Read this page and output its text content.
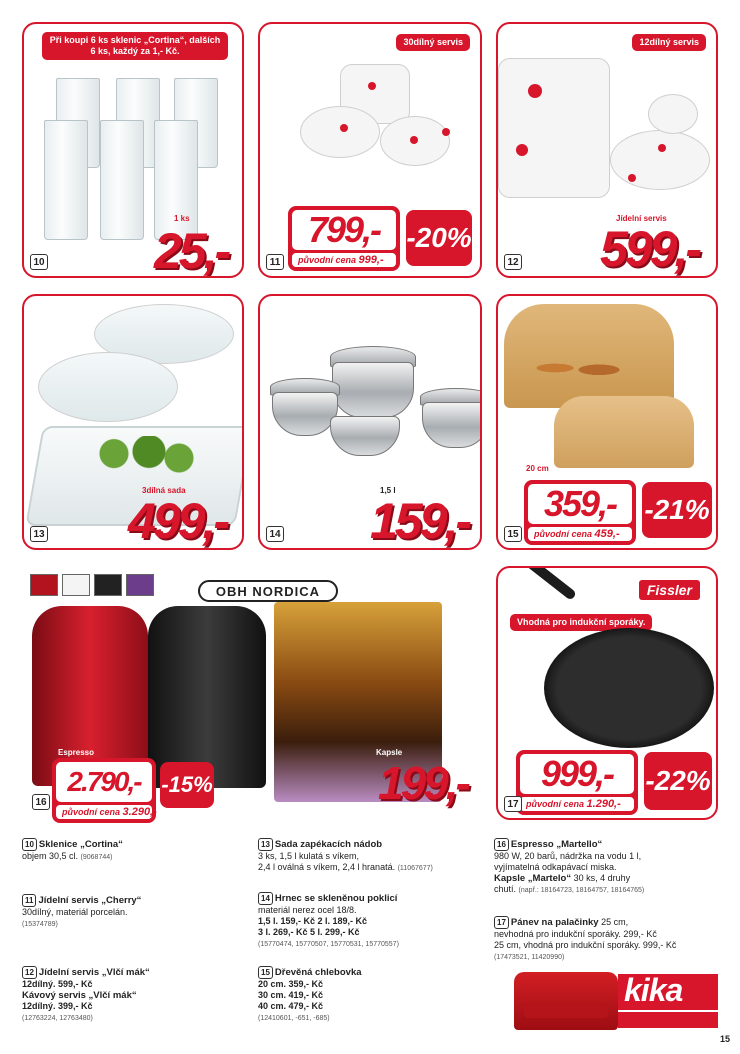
Při koupi 6 ks sklenic „Cortina“, dalších 6 ks, každý za 1,- Kč.
1 ks
25,-
10
30dílný servis
799,-
původní cena 999,-
-20%
11
12dílný servis
Jídelní servis
599,-
12
3dílná sada
499,-
13
1,5 l
159,-
14
20 cm
359,-
původní cena 459,-
-21%
15
OBH NORDICA
Espresso
2.790,-
původní cena 3.290,-
-15%
Kapsle
199,-
16
Fissler
Vhodná pro indukční sporáky.
999,-
původní cena 1.290,-
-22%
17
10 Sklenice „Cortina“
objem 30,5 cl. (9068744)
11 Jídelní servis „Cherry“
30dílný, materiál porcelán.
(15374789)
12 Jídelní servis „Vlčí mák“
12dílný. 599,- Kč
Kávový servis „Vlčí mák“
12dílný. 399,- Kč
(12763224, 12763480)
13 Sada zapékacích nádob
3 ks, 1,5 l kulatá s víkem,
2,4 l oválná s víkem, 2,4 l hranatá. (11067677)
14 Hrnec se skleněnou poklicí
materiál nerez ocel 18/8.
1,5 l. 159,- Kč 2 l. 189,- Kč
3 l. 269,- Kč 5 l. 299,- Kč
(15770474, 15770507, 15770531, 15770557)
15 Dřevěná chlebovka
20 cm. 359,- Kč
30 cm. 419,- Kč
40 cm. 479,- Kč
(12410601, -651, -685)
16 Espresso „Martello“
980 W, 20 barů, nádržka na vodu 1 l,
vyjímatelná odkapávací miska.
Kapsle „Martelo“ 30 ks, 4 druhy
chutí. (např.: 18164723, 18164757, 18164765)
17 Pánev na palačinky 25 cm,
nevhodná pro indukční sporáky. 299,- Kč
25 cm, vhodná pro indukční sporáky. 999,- Kč
(17473521, 11420990)
kika
15
